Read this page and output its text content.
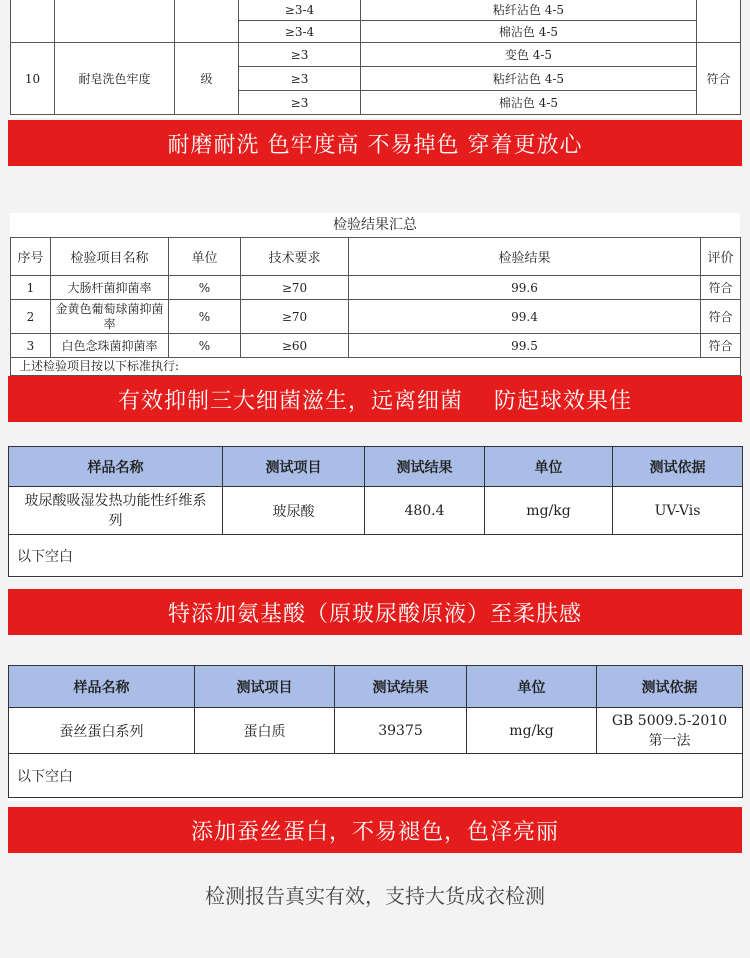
			≥3-4	粘纤沾色 4-5	
			≥3-4	棉沾色 4-5	
10	耐皂洗色牢度	级	≥3	变色 4-5	符合
			≥3	粘纤沾色 4-5	
			≥3	棉沾色 4-5	
耐磨耐洗 色牢度高 不易掉色 穿着更放心
检验结果汇总
序号	检验项目名称	单位	技术要求	检验结果	评价
1	大肠杆菌抑菌率	%	≥70	99.6	符合
2	金黄色葡萄球菌抑菌率	%	≥70	99.4	符合
3	白色念珠菌抑菌率	%	≥60	99.5	符合
上述检验项目按以下标准执行:					
有效抑制三大细菌滋生，远离细菌　 防起球效果佳
样品名称	测试项目	测试结果	单位	测试依据
玻尿酸吸湿发热功能性纤维系列	玻尿酸	480.4	mg/kg	UV-Vis
以下空白				
特添加氨基酸（原玻尿酸原液）至柔肤感
样品名称	测试项目	测试结果	单位	测试依据
蚕丝蛋白系列	蛋白质	39375	mg/kg	GB 5009.5-2010 第一法
以下空白				
添加蚕丝蛋白，不易褪色，色泽亮丽
检测报告真实有效，支持大货成衣检测
